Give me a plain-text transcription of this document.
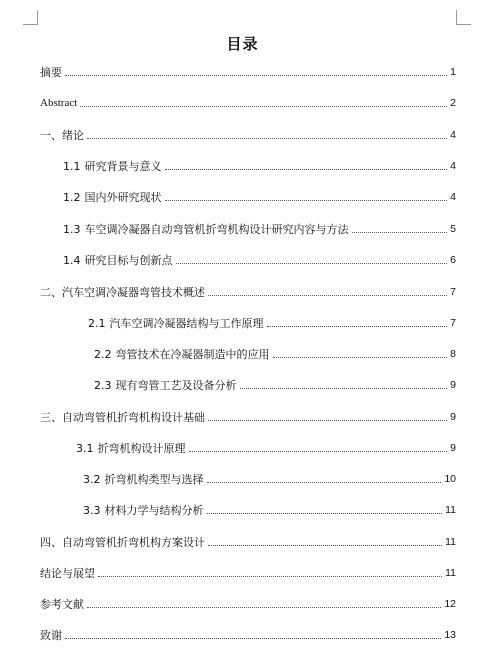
目录
摘要	1
Abstract	2
一、绪论	4
1.1 研究背景与意义	4
1.2 国内外研究现状	4
1.3 车空调冷凝器自动弯管机折弯机构设计研究内容与方法	5
1.4 研究目标与创新点	6
二、汽车空调冷凝器弯管技术概述	7
2.1 汽车空调冷凝器结构与工作原理	7
2.2 弯管技术在冷凝器制造中的应用	8
2.3 现有弯管工艺及设备分析	9
三、自动弯管机折弯机构设计基础	9
3.1 折弯机构设计原理	9
3.2 折弯机构类型与选择	10
3.3 材料力学与结构分析	11
四、自动弯管机折弯机构方案设计	11
结论与展望	11
参考文献	12
致谢	13
